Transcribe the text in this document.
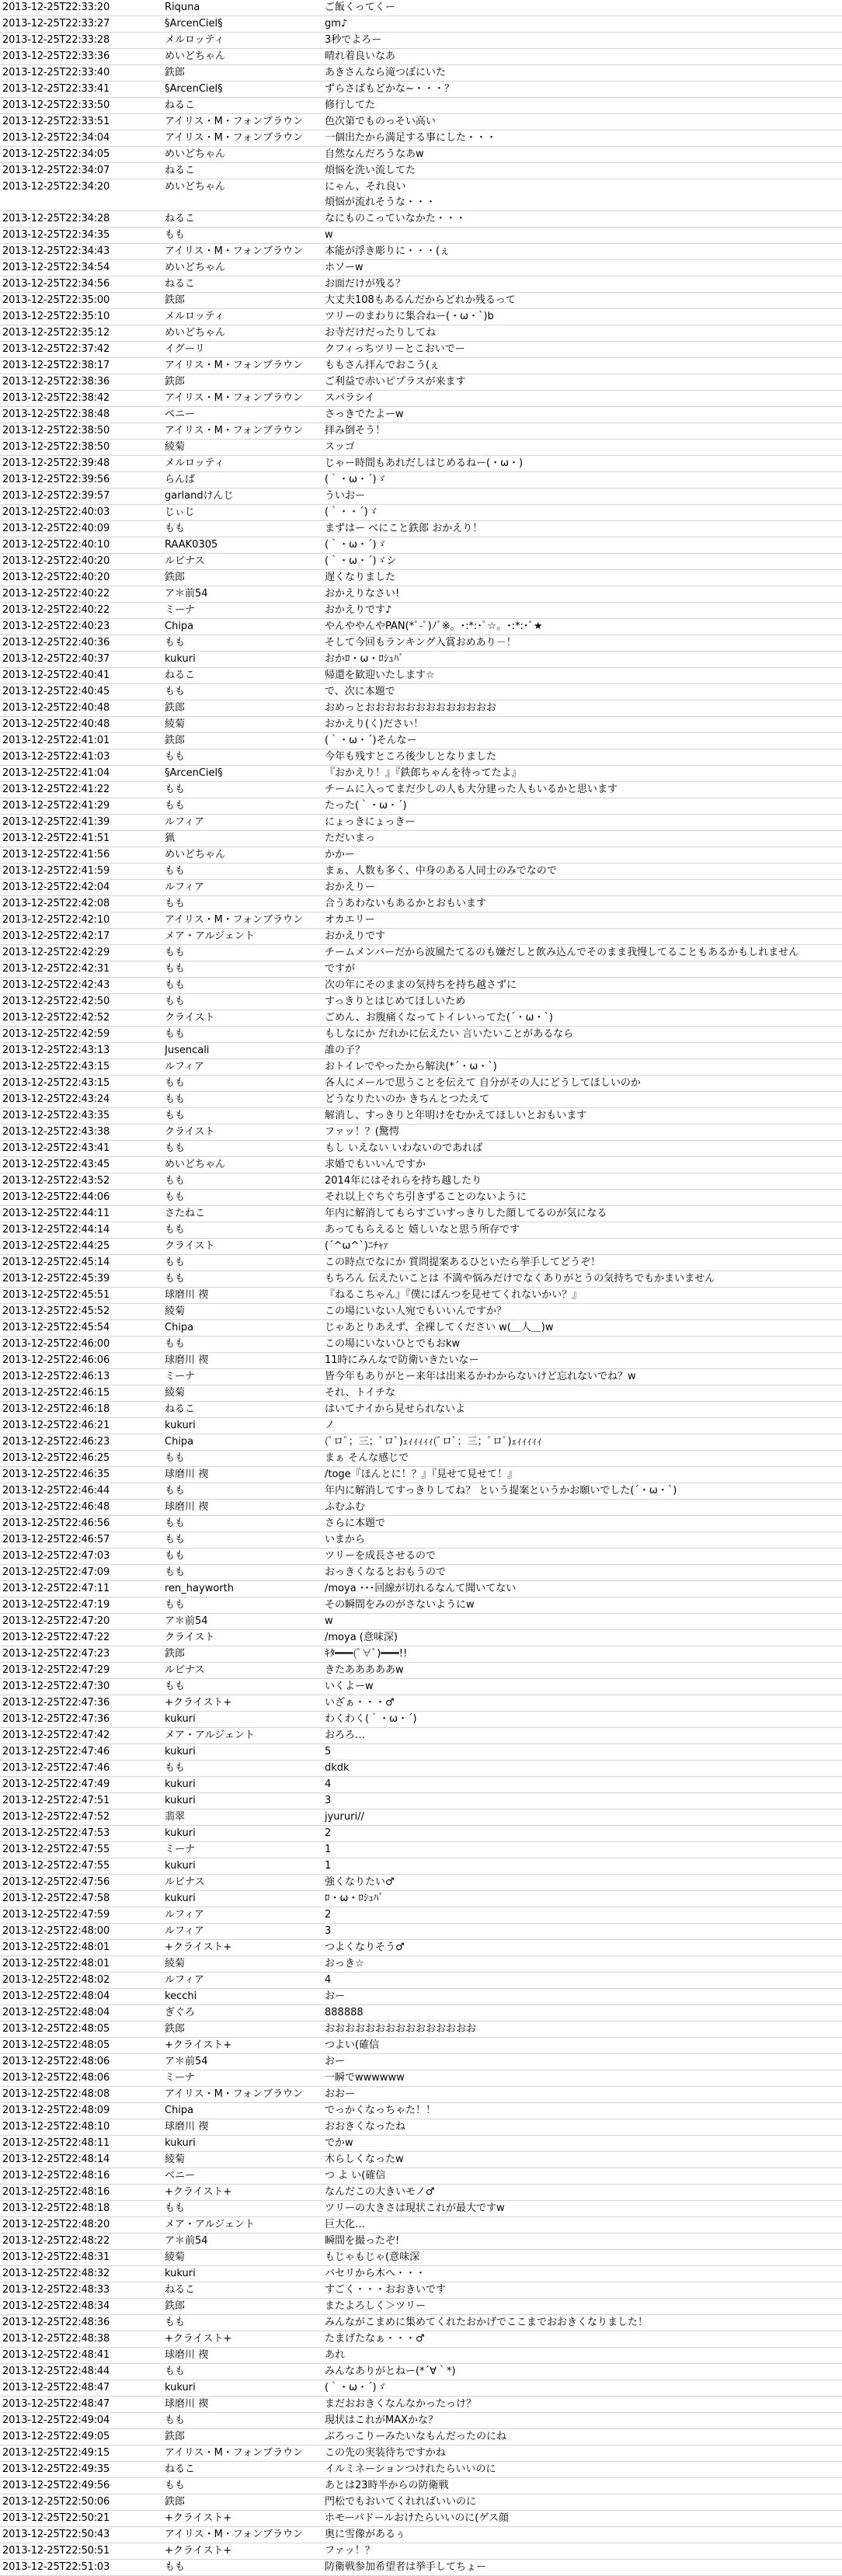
2013-12-25T22:33:20	Riquna	ご飯くってくー
2013-12-25T22:33:27	§ArcenCiel§	gm♪
2013-12-25T22:33:28	メルロッティ	3秒でよろー
2013-12-25T22:33:36	めいどちゃん	晴れ着良いなあ
2013-12-25T22:33:40	鉄郎	あきさんなら滝つぼにいた
2013-12-25T22:33:41	§ArcenCiel§	ずらさばもどかな~・・・？
2013-12-25T22:33:50	ねるこ	修行してた
2013-12-25T22:33:51	アイリス・M・フォンブラウン	色次第でものっそい高い
2013-12-25T22:34:04	アイリス・M・フォンブラウン	一個出たから満足する事にした・・・
2013-12-25T22:34:05	めいどちゃん	自然なんだろうなあw
2013-12-25T22:34:07	ねるこ	煩悩を洗い流してた
2013-12-25T22:34:20	めいどちゃん	にゃん、それ良い
煩悩が流れそうな・・・
2013-12-25T22:34:28	ねるこ	なにものこっていなかた・・・
2013-12-25T22:34:35	もも	w
2013-12-25T22:34:43	アイリス・M・フォンブラウン	本能が浮き彫りに・・・(ぇ
2013-12-25T22:34:54	めいどちゃん	ホソーw
2013-12-25T22:34:56	ねるこ	お面だけが残る？
2013-12-25T22:35:00	鉄郎	大丈夫108もあるんだからどれか残るって
2013-12-25T22:35:10	メルロッティ	ツリーのまわりに集合ねー(・ω・`)b
2013-12-25T22:35:12	めいどちゃん	お寺だけだったりしてね
2013-12-25T22:37:42	イグーリ	クフィっちツリーとこおいでー
2013-12-25T22:38:17	アイリス・M・フォンブラウン	ももさん拝んでおこう(ぇ
2013-12-25T22:38:36	鉄郎	ご利益で赤いピプラスが来ます
2013-12-25T22:38:42	アイリス・M・フォンブラウン	スバラシイ
2013-12-25T22:38:48	ベニー	さっきでたよーw
2013-12-25T22:38:50	アイリス・M・フォンブラウン	拝み倒そう！
2013-12-25T22:38:50	綾菊	スッゴ
2013-12-25T22:39:48	メルロッティ	じゃー時間もあれだしはじめるねー(・ω・)
2013-12-25T22:39:56	らんぱ	(｀・ω・´)ゞ
2013-12-25T22:39:57	garlandけんじ	ういおー
2013-12-25T22:40:03	じぃじ	(｀・・´)ゞ
2013-12-25T22:40:09	もも	まずはー べにこと鉄郎 おかえり！
2013-12-25T22:40:10	RAAK0305	(｀・ω・´)ゞ
2013-12-25T22:40:20	ルビナス	(｀・ω・´)ゞシ
2013-12-25T22:40:20	鉄郎	遅くなりました
2013-12-25T22:40:22	ア＊前54	おかえりなさい!
2013-12-25T22:40:22	ミーナ	おかえりです♪
2013-12-25T22:40:23	Chipa	やんややんやPAN(*ﾟ-ﾟ)ﾉﾞ※。･:*:･ﾟ☆。･:*:･ﾟ★
2013-12-25T22:40:36	もも	そして今回もランキング入賞おめあり－！
2013-12-25T22:40:37	kukuri	おかﾛ・ω・ﾛｼｭﾊﾞ
2013-12-25T22:40:41	ねるこ	帰還を歓迎いたします☆
2013-12-25T22:40:45	もも	で、次に本題で
2013-12-25T22:40:48	鉄郎	おめっとおおおおおおおおおおおおお
2013-12-25T22:40:48	綾菊	おかえり(く)ださい！
2013-12-25T22:41:01	鉄郎	(｀・ω・´)そんなー
2013-12-25T22:41:03	もも	今年も残すところ後少しとなりました
2013-12-25T22:41:04	§ArcenCiel§	『おかえり！』『鉄郎ちゃんを待ってたよ』
2013-12-25T22:41:22	もも	チームに入ってまだ少しの人も大分建った人もいるかと思います
2013-12-25T22:41:29	もも	たった(｀・ω・´)
2013-12-25T22:41:39	ルフィア	にょっきにょっきー
2013-12-25T22:41:51	猟	ただいまっ
2013-12-25T22:41:56	めいどちゃん	かかー
2013-12-25T22:41:59	もも	まぁ、人数も多く、中身のある人同士のみでなので
2013-12-25T22:42:04	ルフィア	おかえりー
2013-12-25T22:42:08	もも	合うあわないもあるかとおもいます
2013-12-25T22:42:10	アイリス・M・フォンブラウン	オカエリー
2013-12-25T22:42:17	メア・アルジェント	おかえりです
2013-12-25T22:42:29	もも	チームメンバーだから波風たてるのも嫌だしと飲み込んでそのまま我慢してることもあるかもしれません
2013-12-25T22:42:31	もも	ですが
2013-12-25T22:42:43	もも	次の年にそのままの気持ちを持ち越さずに
2013-12-25T22:42:50	もも	すっきりとはじめてほしいため
2013-12-25T22:42:52	クライスト	ごめん、お腹痛くなってトイレいってた(´・ω・`)
2013-12-25T22:42:59	もも	もしなにか だれかに伝えたい 言いたいことがあるなら
2013-12-25T22:43:13	Jusencali	誰の子？
2013-12-25T22:43:15	ルフィア	おトイレでやったから解決(*´・ω・`)
2013-12-25T22:43:15	もも	各人にメールで思うことを伝えて 自分がその人にどうしてほしいのか
2013-12-25T22:43:24	もも	どうなりたいのか きちんとつたえて
2013-12-25T22:43:35	もも	解消し、すっきりと年明けをむかえてほしいとおもいます
2013-12-25T22:43:38	クライスト	ファッ！？(驚愕
2013-12-25T22:43:41	もも	もし いえない いわないのであれば
2013-12-25T22:43:45	めいどちゃん	求婚でもいいんですか
2013-12-25T22:43:52	もも	2014年にはそれらを持ち越したり
2013-12-25T22:44:06	もも	それ以上ぐちぐち引きずることのないように
2013-12-25T22:44:11	さたねこ	年内に解消してもらすごいすっきりした顔してるのが気になる
2013-12-25T22:44:14	もも	あってもらえると 嬉しいなと思う所存です
2013-12-25T22:44:25	クライスト	(´^ω^`)ﾆﾁｬｧ
2013-12-25T22:45:14	もも	この時点でなにか 質問提案あるひといたら挙手してどうぞ！
2013-12-25T22:45:39	もも	もちろん 伝えたいことは 不満や悩みだけでなくありがとうの気持ちでもかまいません
2013-12-25T22:45:51	球磨川 禊	『ねるこちゃん』『僕にぱんつを見せてくれないかい？』
2013-12-25T22:45:52	綾菊	この場にいない人宛でもいいんですか？
2013-12-25T22:45:54	Chipa	じゃあとりあえず、全裸してください w(＿人＿)w
2013-12-25T22:46:00	もも	この場にいないひとでもおkw
2013-12-25T22:46:06	球磨川 禊	11時にみんなで防衛いきたいなー
2013-12-25T22:46:13	ミーナ	皆今年もありがとー来年は出来るかわからないけど忘れないでね？w
2013-12-25T22:46:15	綾菊	それ、トイチな
2013-12-25T22:46:18	ねるこ	はいてナイから見せられないよ
2013-12-25T22:46:21	kukuri	ノ
2013-12-25T22:46:23	Chipa	(ﾟロﾟ；三；ﾟロﾟ)ｪｨｨｨｨｨ(ﾟロﾟ；三；ﾟロﾟ)ｪｨｨｨｨｨ
2013-12-25T22:46:25	もも	まぁ そんな感じで
2013-12-25T22:46:35	球磨川 禊	/toge『ほんとに！？』『見せて見せて！』
2013-12-25T22:46:44	もも	年内に解消してすっきりしてね？ という提案というかお願いでした(´・ω・`)
2013-12-25T22:46:48	球磨川 禊	ふむふむ
2013-12-25T22:46:56	もも	さらに本題で
2013-12-25T22:46:57	もも	いまから
2013-12-25T22:47:03	もも	ツリーを成長させるので
2013-12-25T22:47:09	もも	おっきくなるとおもうので
2013-12-25T22:47:11	ren_hayworth	/moya ･･･回線が切れるなんて聞いてない
2013-12-25T22:47:19	もも	その瞬間をみのがさないようにw
2013-12-25T22:47:20	ア＊前54	w
2013-12-25T22:47:22	クライスト	/moya (意味深)
2013-12-25T22:47:23	鉄郎	ｷﾀ━━━(ﾟ∀ﾟ)━━━!!
2013-12-25T22:47:29	ルビナス	きたあああああw
2013-12-25T22:47:30	もも	いくよーw
2013-12-25T22:47:36	+クライスト+	いざぁ・・・♂
2013-12-25T22:47:36	kukuri	わくわく(｀・ω・´)
2013-12-25T22:47:42	メア・アルジェント	おろろ…
2013-12-25T22:47:46	kukuri	5
2013-12-25T22:47:46	もも	dkdk
2013-12-25T22:47:49	kukuri	4
2013-12-25T22:47:51	kukuri	3
2013-12-25T22:47:52	翡翠	jyururi//
2013-12-25T22:47:53	kukuri	2
2013-12-25T22:47:55	ミーナ	1
2013-12-25T22:47:55	kukuri	1
2013-12-25T22:47:56	ルビナス	強くなりたい♂
2013-12-25T22:47:58	kukuri	ﾛ・ω・ﾛｼｭﾊﾞ
2013-12-25T22:47:59	ルフィア	2
2013-12-25T22:48:00	ルフィア	3
2013-12-25T22:48:01	+クライスト+	つよくなりそう♂
2013-12-25T22:48:01	綾菊	おっき☆
2013-12-25T22:48:02	ルフィア	4
2013-12-25T22:48:04	kecchi	おー
2013-12-25T22:48:04	ぎぐろ	888888
2013-12-25T22:48:05	鉄郎	おおおおおおおおおおおおおおお
2013-12-25T22:48:05	+クライスト+	つよい(確信
2013-12-25T22:48:06	ア＊前54	おー
2013-12-25T22:48:06	ミーナ	一瞬でwwwwww
2013-12-25T22:48:08	アイリス・M・フォンブラウン	おおー
2013-12-25T22:48:09	Chipa	でっかくなっちゃた！！
2013-12-25T22:48:10	球磨川 禊	おおきくなったね
2013-12-25T22:48:11	kukuri	でかw
2013-12-25T22:48:14	綾菊	木らしくなったw
2013-12-25T22:48:16	ベニー	つ よ い(確信
2013-12-25T22:48:16	+クライスト+	なんだこの大きいモノ♂
2013-12-25T22:48:18	もも	ツリーの大きさは現状これが最大ですw
2013-12-25T22:48:20	メア・アルジェント	巨大化…
2013-12-25T22:48:22	ア＊前54	瞬間を撮ったぞ!
2013-12-25T22:48:31	綾菊	もじゃもじゃ(意味深
2013-12-25T22:48:32	kukuri	バセリから木へ・・・
2013-12-25T22:48:33	ねるこ	すごく・・・おおきいです
2013-12-25T22:48:34	鉄郎	またよろしく＞ツリー
2013-12-25T22:48:36	もも	みんながこまめに集めてくれたおかげでここまでおおきくなりました！
2013-12-25T22:48:38	+クライスト+	たまげたなぁ・・・♂
2013-12-25T22:48:41	球磨川 禊	あれ
2013-12-25T22:48:44	もも	みんなありがとねー(*´∀｀*)
2013-12-25T22:48:47	kukuri	(｀・ω・´)ゞ
2013-12-25T22:48:47	球磨川 禊	まだおおきくなんなかったっけ？
2013-12-25T22:49:04	もも	現状はこれがMAXかな？
2013-12-25T22:49:05	鉄郎	ぶろっこりーみたいなもんだったのにね
2013-12-25T22:49:15	アイリス・M・フォンブラウン	この先の実装待ちですかね
2013-12-25T22:49:35	ねるこ	イルミネーションつけれたらいいのに
2013-12-25T22:49:56	もも	あとは23時半からの防衛戦
2013-12-25T22:50:06	鉄郎	門松でもおいてくれればいいのに
2013-12-25T22:50:21	+クライスト+	ホモーパドールおけたらいいのに(ゲス顔
2013-12-25T22:50:43	アイリス・M・フォンブラウン	奥に雪像があるぅ
2013-12-25T22:50:51	+クライスト+	ファッ！？
2013-12-25T22:51:03	もも	防衛戦参加希望者は挙手してちょー
